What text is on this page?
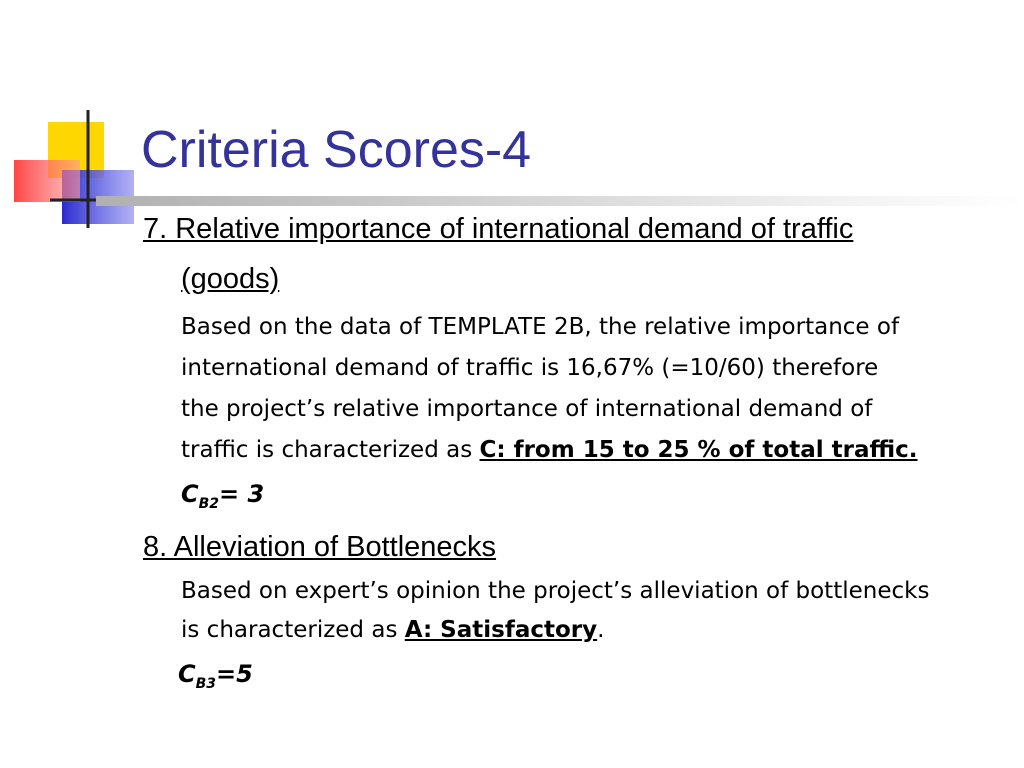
Criteria Scores-4
7. Relative importance of international demand of traffic
(goods)
Based on the data of TEMPLATE 2B, the relative importance of
international demand of traffic is 16,67% (=10/60) therefore
the project’s relative importance of international demand of
traffic is characterized as C: from 15 to 25 % of total traffic.
$C_{B2}= 3$
8. Alleviation of Bottlenecks
Based on expert’s opinion the project’s alleviation of bottlenecks
is characterized as A: Satisfactory.
$C_{B3}=5$
